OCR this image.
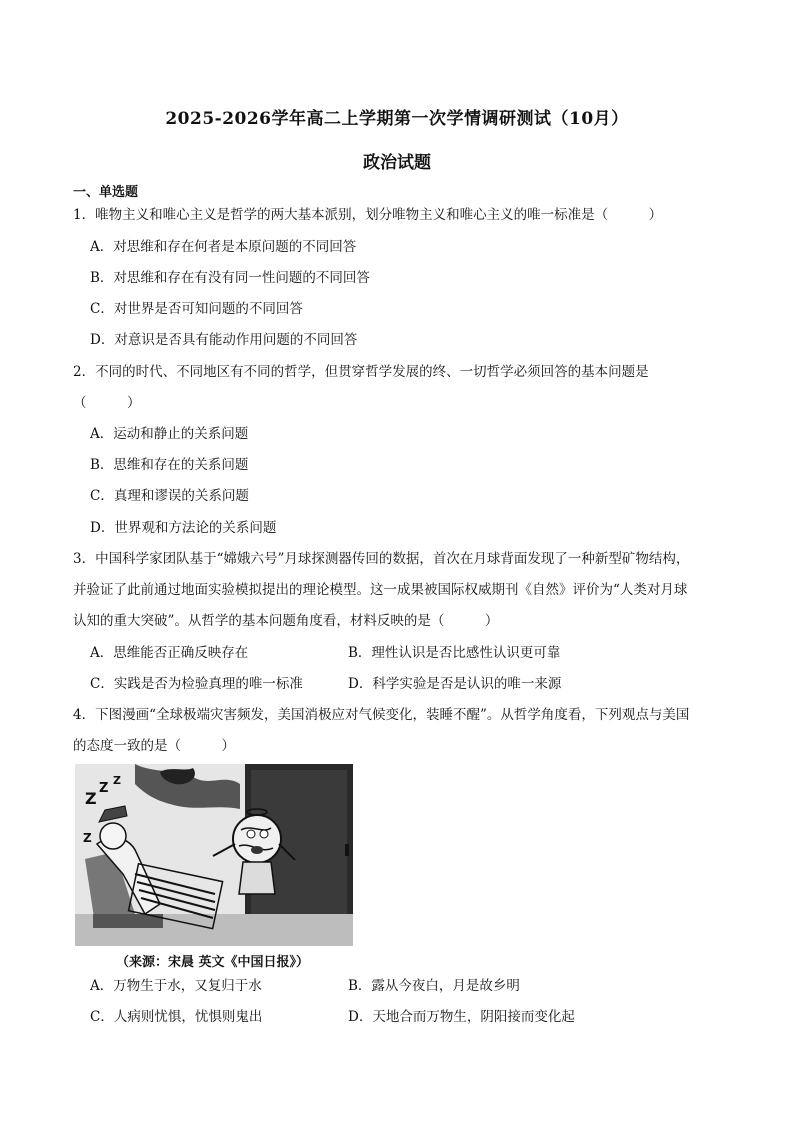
2025-2026学年高二上学期第一次学情调研测试（10月）
政治试题
一、单选题
1．唯物主义和唯心主义是哲学的两大基本派别，划分唯物主义和唯心主义的唯一标准是（　　　）
A．对思维和存在何者是本原问题的不同回答
B．对思维和存在有没有同一性问题的不同回答
C．对世界是否可知问题的不同回答
D．对意识是否具有能动作用问题的不同回答
2．不同的时代、不同地区有不同的哲学，但贯穿哲学发展的终、一切哲学必须回答的基本问题是
（　　　）
A．运动和静止的关系问题
B．思维和存在的关系问题
C．真理和谬误的关系问题
D．世界观和方法论的关系问题
3．中国科学家团队基于“嫦娥六号”月球探测器传回的数据，首次在月球背面发现了一种新型矿物结构，
并验证了此前通过地面实验模拟提出的理论模型。这一成果被国际权威期刊《自然》评价为“人类对月球
认知的重大突破”。从哲学的基本问题角度看，材料反映的是（　　　）
A．思维能否正确反映存在	B．理性认识是否比感性认识更可靠
C．实践是否为检验真理的唯一标准	D．科学实验是否是认识的唯一来源
4．下图漫画“全球极端灾害频发，美国消极应对气候变化，装睡不醒”。从哲学角度看，下列观点与美国
的态度一致的是（　　　）
Z
Z
Z
Z
（来源：宋晨 英文《中国日报》）
A．万物生于水，又复归于水	B．露从今夜白，月是故乡明
C．人病则忧惧，忧惧则鬼出	D．天地合而万物生，阴阳接而变化起
